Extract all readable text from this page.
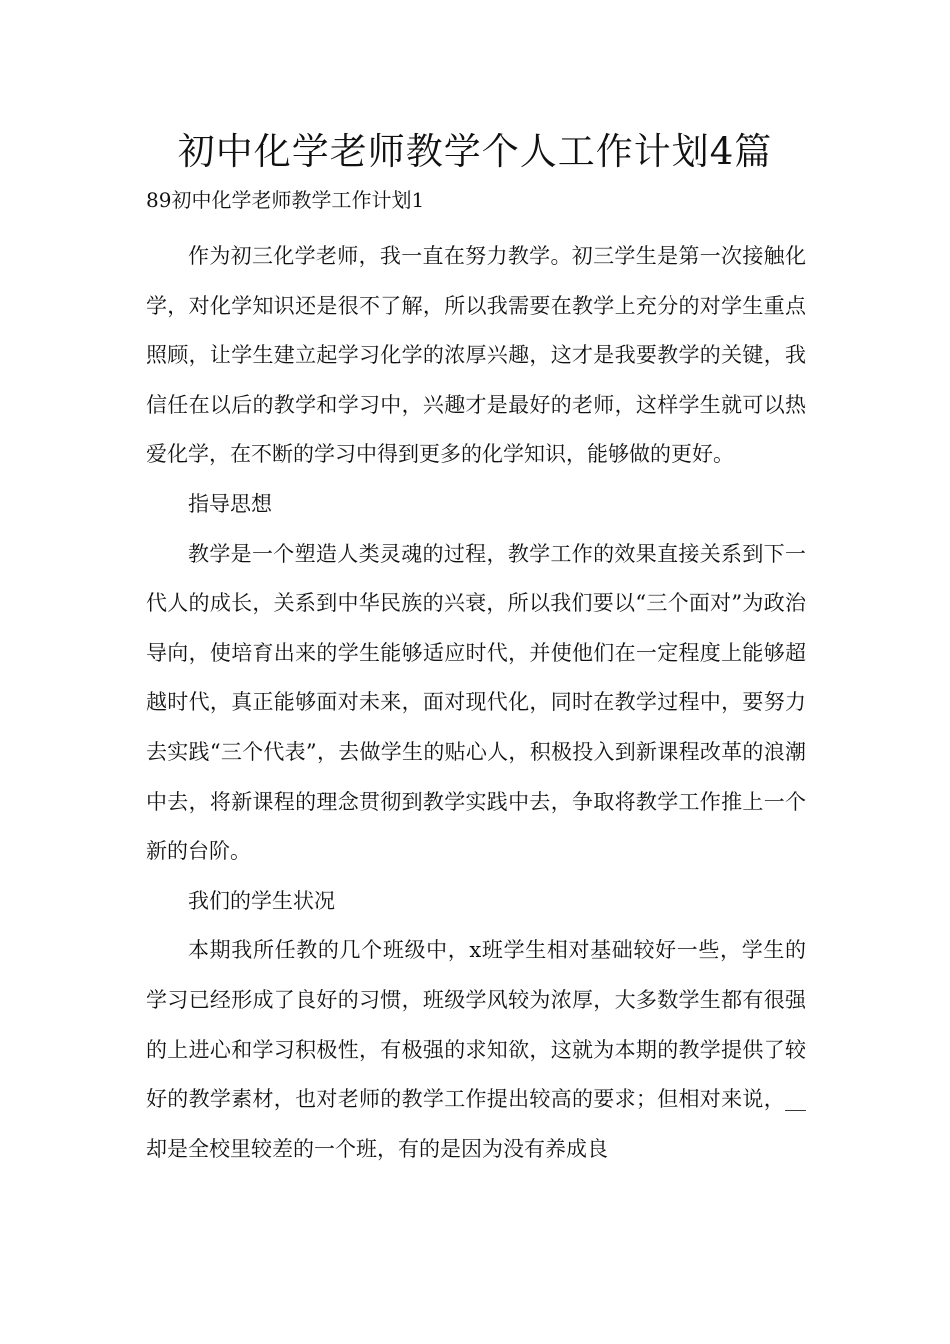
初中化学老师教学个人工作计划4篇

89初中化学老师教学工作计划1

作为初三化学老师，我一直在努力教学。初三学生是第一次接触化学，对化学知识还是很不了解，所以我需要在教学上充分的对学生重点照顾，让学生建立起学习化学的浓厚兴趣，这才是我要教学的关键，我信任在以后的教学和学习中，兴趣才是最好的老师，这样学生就可以热爱化学，在不断的学习中得到更多的化学知识，能够做的更好。

指导思想

教学是一个塑造人类灵魂的过程，教学工作的效果直接关系到下一代人的成长，关系到中华民族的兴衰，所以我们要以“三个面对”为政治导向，使培育出来的学生能够适应时代，并使他们在一定程度上能够超越时代，真正能够面对未来，面对现代化，同时在教学过程中，要努力去实践“三个代表”，去做学生的贴心人，积极投入到新课程改革的浪潮中去，将新课程的理念贯彻到教学实践中去，争取将教学工作推上一个新的台阶。

我们的学生状况

本期我所任教的几个班级中，x班学生相对基础较好一些，学生的学习已经形成了良好的习惯，班级学风较为浓厚，大多数学生都有很强的上进心和学习积极性，有极强的求知欲，这就为本期的教学提供了较好的教学素材，也对老师的教学工作提出较高的要求；但相对来说，__却是全校里较差的一个班，有的是因为没有养成良
